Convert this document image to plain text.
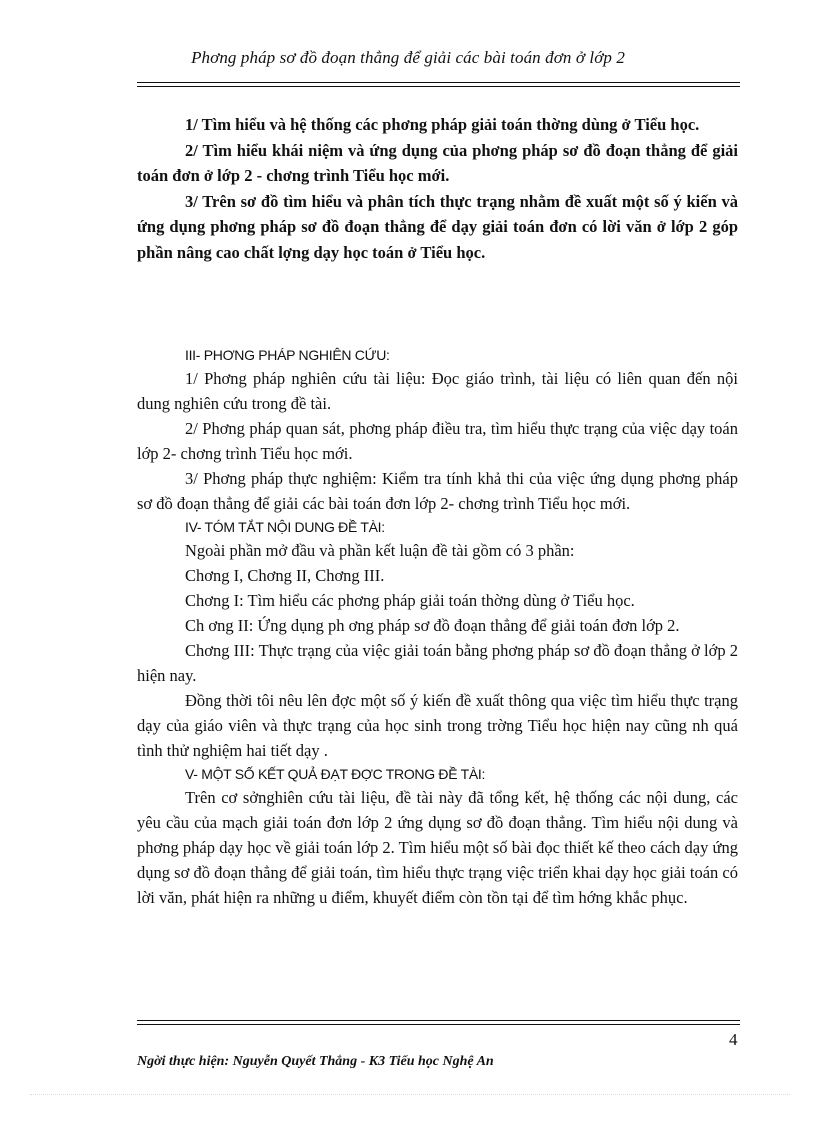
Phơng pháp sơ đồ đoạn thẳng để giải các bài toán đơn ở lớp 2

1/ Tìm hiểu và hệ thống các phơng pháp giải toán thờng dùng ở Tiểu học.

2/ Tìm hiểu khái niệm và ứng dụng của phơng pháp sơ đồ đoạn thẳng để giải toán đơn ở lớp 2 - chơng trình Tiểu học mới.

3/ Trên sơ đồ tìm hiểu và phân tích thực trạng nhằm đề xuất một số ý kiến và ứng dụng phơng pháp sơ đồ đoạn thẳng để dạy giải toán đơn có lời văn ở lớp 2 góp phần nâng cao chất lợng dạy học toán ở Tiểu học.

III- PHƠNG PHÁP NGHIÊN CỨU:

1/ Phơng pháp nghiên cứu tài liệu: Đọc giáo trình, tài liệu có liên quan đến nội dung nghiên cứu trong đề tài.

2/ Phơng pháp quan sát, phơng pháp điều tra, tìm hiểu thực trạng của việc dạy toán lớp 2- chơng trình Tiểu học mới.

3/ Phơng pháp thực nghiệm: Kiểm tra tính khả thi của việc ứng dụng phơng pháp sơ đồ đoạn thẳng để giải các bài toán đơn lớp 2- chơng trình Tiểu học mới.

IV- TÓM TẮT NỘI DUNG ĐỀ TÀI:

Ngoài phần mở đầu và phần kết luận đề tài gồm có 3 phần:

Chơng I, Chơng II, Chơng III.

Chơng I: Tìm hiểu các phơng pháp giải toán thờng dùng ở Tiểu học.

Ch ơng II: Ứng dụng ph ơng pháp sơ đồ đoạn thẳng để giải toán đơn lớp 2.

Chơng III: Thực trạng của việc giải toán bằng phơng pháp sơ đồ đoạn thẳng ở lớp 2 hiện nay.

Đồng thời tôi nêu lên đợc một số ý kiến đề xuất thông qua việc tìm hiểu thực trạng dạy của giáo viên và thực trạng của học sinh trong trờng Tiểu học hiện nay cũng nh quá tình thử nghiệm hai tiết dạy .

V- MỘT SỐ KẾT QUẢ ĐẠT ĐỢC TRONG ĐỀ TÀI:

Trên cơ sởnghiên cứu tài liệu, đề tài này đã tổng kết, hệ thống các nội dung, các yêu cầu của mạch giải toán đơn lớp 2 ứng dụng sơ đồ đoạn thẳng. Tìm hiểu nội dung và phơng pháp dạy học về giải toán lớp 2. Tìm hiểu một số bài đọc thiết kế theo cách dạy ứng dụng sơ đồ đoạn thẳng để giải toán, tìm hiểu thực trạng việc triển khai dạy học giải toán có lời văn, phát hiện ra những u điểm, khuyết điểm còn tồn tại để tìm hớng khắc phục.

4
Ngời thực hiện: Nguyễn Quyết Thắng - K3 Tiểu học Nghệ An
